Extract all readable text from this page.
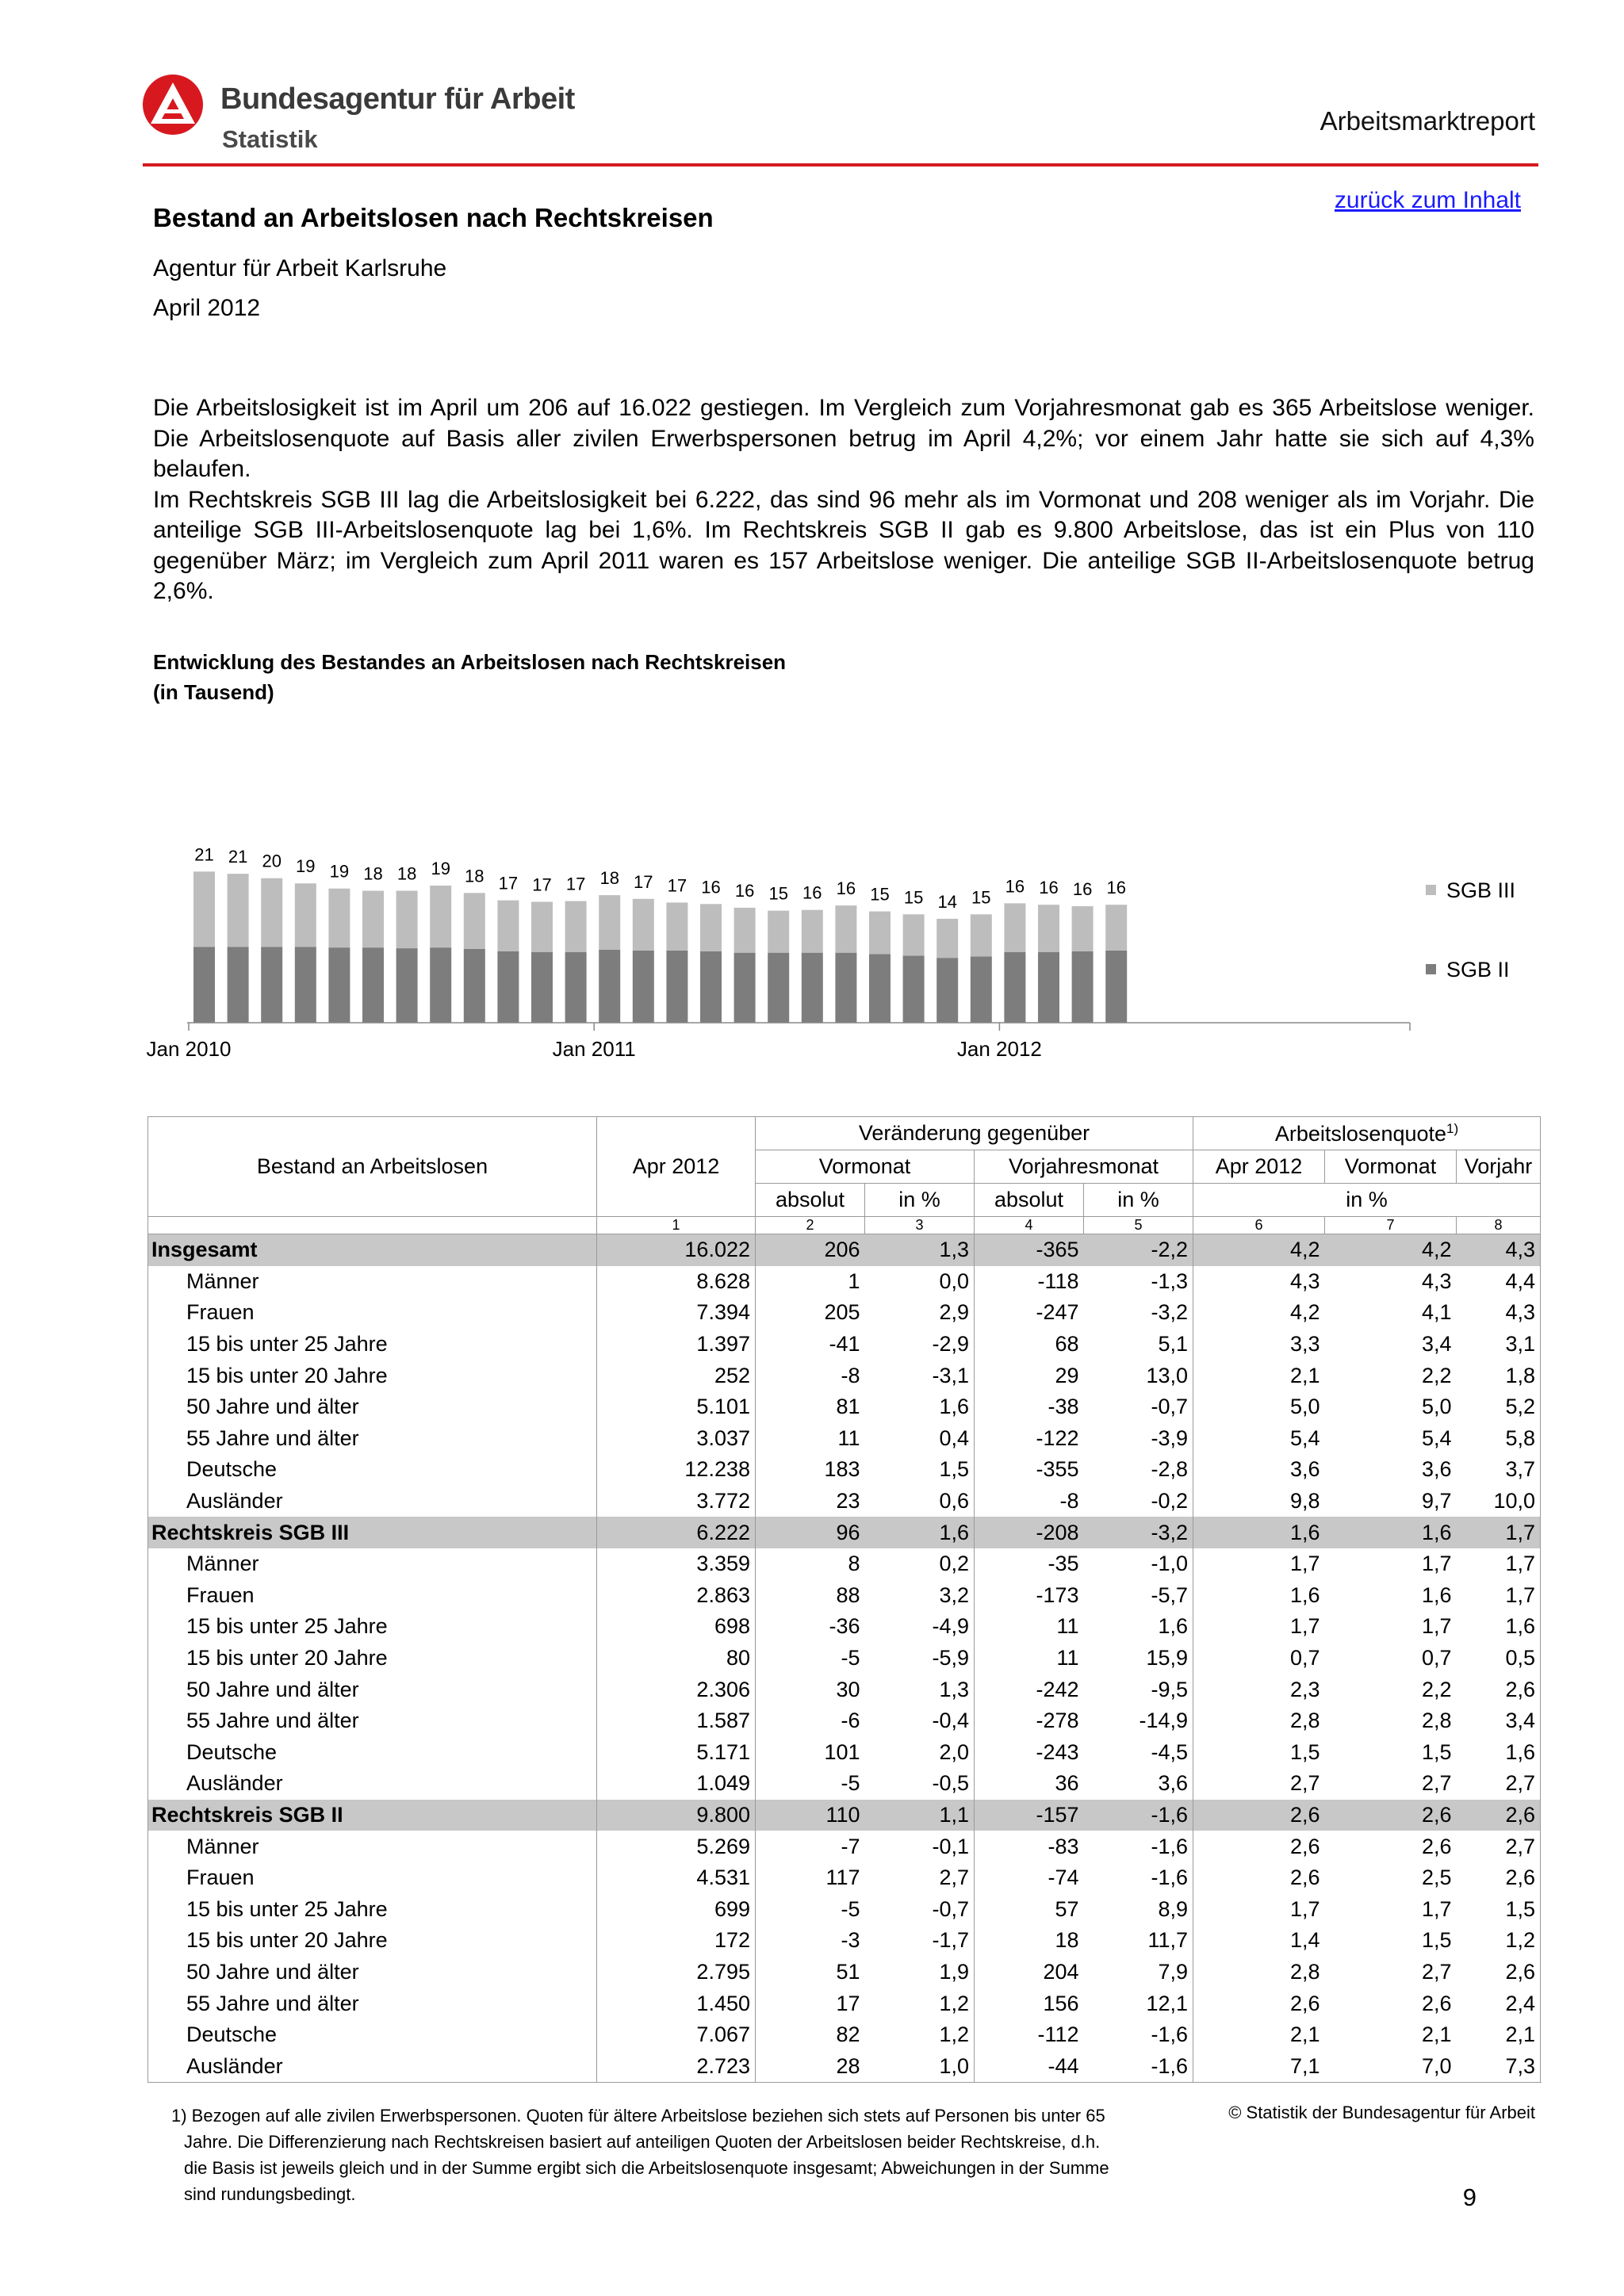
Bundesagentur für Arbeit
Statistik
Arbeitsmarktreport
zurück zum Inhalt
Bestand an Arbeitslosen nach Rechtskreisen
Agentur für Arbeit Karlsruhe
April 2012

Die Arbeitslosigkeit ist im April um 206 auf 16.022 gestiegen. Im Vergleich zum Vorjahresmonat gab es 365 Arbeitslose weniger. Die Arbeitslosenquote auf Basis aller zivilen Erwerbspersonen betrug im April 4,2%; vor einem Jahr hatte sie sich auf 4,3% belaufen.

Im Rechtskreis SGB III lag die Arbeitslosigkeit bei 6.222, das sind 96 mehr als im Vormonat und 208 weniger als im Vorjahr. Die anteilige SGB III-Arbeitslosenquote lag bei 1,6%. Im Rechtskreis SGB II gab es 9.800 Arbeitslose, das ist ein Plus von 110 gegenüber März; im Vergleich zum April 2011 waren es 157 Arbeitslose weniger. Die anteilige SGB II-Arbeitslosenquote betrug 2,6%.

Entwicklung des Bestandes an Arbeitslosen nach Rechtskreisen
(in Tausend)
21 21 20 19 19 18 18 19 18 17 17 17 18 17 17 16 16 15 16 16 15 15 14 15
16 16 16 16
Jan 2010	Jan 2011	Jan 2012
SGB III
SGB II
Bestand an Arbeitslosen	Apr 2012	Veränderung gegenüber				Arbeitslosenquote$^{1)}$
		Vormonat		Vorjahresmonat		Apr 2012	Vormonat	Vorjahr
		absolut	in %	absolut	in %	in %		
	1	2	3	4	5	6	7	8
Insgesamt	16.022	206	1,3	-365	-2,2	4,2	4,2	4,3
Männer	8.628	1	0,0	-118	-1,3	4,3	4,3	4,4
Frauen	7.394	205	2,9	-247	-3,2	4,2	4,1	4,3
15 bis unter 25 Jahre	1.397	-41	-2,9	68	5,1	3,3	3,4	3,1
15 bis unter 20 Jahre	252	-8	-3,1	29	13,0	2,1	2,2	1,8
50 Jahre und älter	5.101	81	1,6	-38	-0,7	5,0	5,0	5,2
55 Jahre und älter	3.037	11	0,4	-122	-3,9	5,4	5,4	5,8
Deutsche	12.238	183	1,5	-355	-2,8	3,6	3,6	3,7
Ausländer	3.772	23	0,6	-8	-0,2	9,8	9,7	10,0
Rechtskreis SGB III	6.222	96	1,6	-208	-3,2	1,6	1,6	1,7
Männer	3.359	8	0,2	-35	-1,0	1,7	1,7	1,7
Frauen	2.863	88	3,2	-173	-5,7	1,6	1,6	1,7
15 bis unter 25 Jahre	698	-36	-4,9	11	1,6	1,7	1,7	1,6
15 bis unter 20 Jahre	80	-5	-5,9	11	15,9	0,7	0,7	0,5
50 Jahre und älter	2.306	30	1,3	-242	-9,5	2,3	2,2	2,6
55 Jahre und älter	1.587	-6	-0,4	-278	-14,9	2,8	2,8	3,4
Deutsche	5.171	101	2,0	-243	-4,5	1,5	1,5	1,6
Ausländer	1.049	-5	-0,5	36	3,6	2,7	2,7	2,7
Rechtskreis SGB II	9.800	110	1,1	-157	-1,6	2,6	2,6	2,6
Männer	5.269	-7	-0,1	-83	-1,6	2,6	2,6	2,7
Frauen	4.531	117	2,7	-74	-1,6	2,6	2,5	2,6
15 bis unter 25 Jahre	699	-5	-0,7	57	8,9	1,7	1,7	1,5
15 bis unter 20 Jahre	172	-3	-1,7	18	11,7	1,4	1,5	1,2
50 Jahre und älter	2.795	51	1,9	204	7,9	2,8	2,7	2,6
55 Jahre und älter	1.450	17	1,2	156	12,1	2,6	2,6	2,4
Deutsche	7.067	82	1,2	-112	-1,6	2,1	2,1	2,1
Ausländer	2.723	28	1,0	-44	-1,6	7,1	7,0	7,3
1) Bezogen auf alle zivilen Erwerbspersonen. Quoten für ältere Arbeitslose beziehen sich stets auf Personen bis unter 65 Jahre. Die Differenzierung nach Rechtskreisen basiert auf anteiligen Quoten der Arbeitslosen beider Rechtskreise, d.h. die Basis ist jeweils gleich und in der Summe ergibt sich die Arbeitslosenquote insgesamt; Abweichungen in der Summe sind rundungsbedingt.
© Statistik der Bundesagentur für Arbeit
9
